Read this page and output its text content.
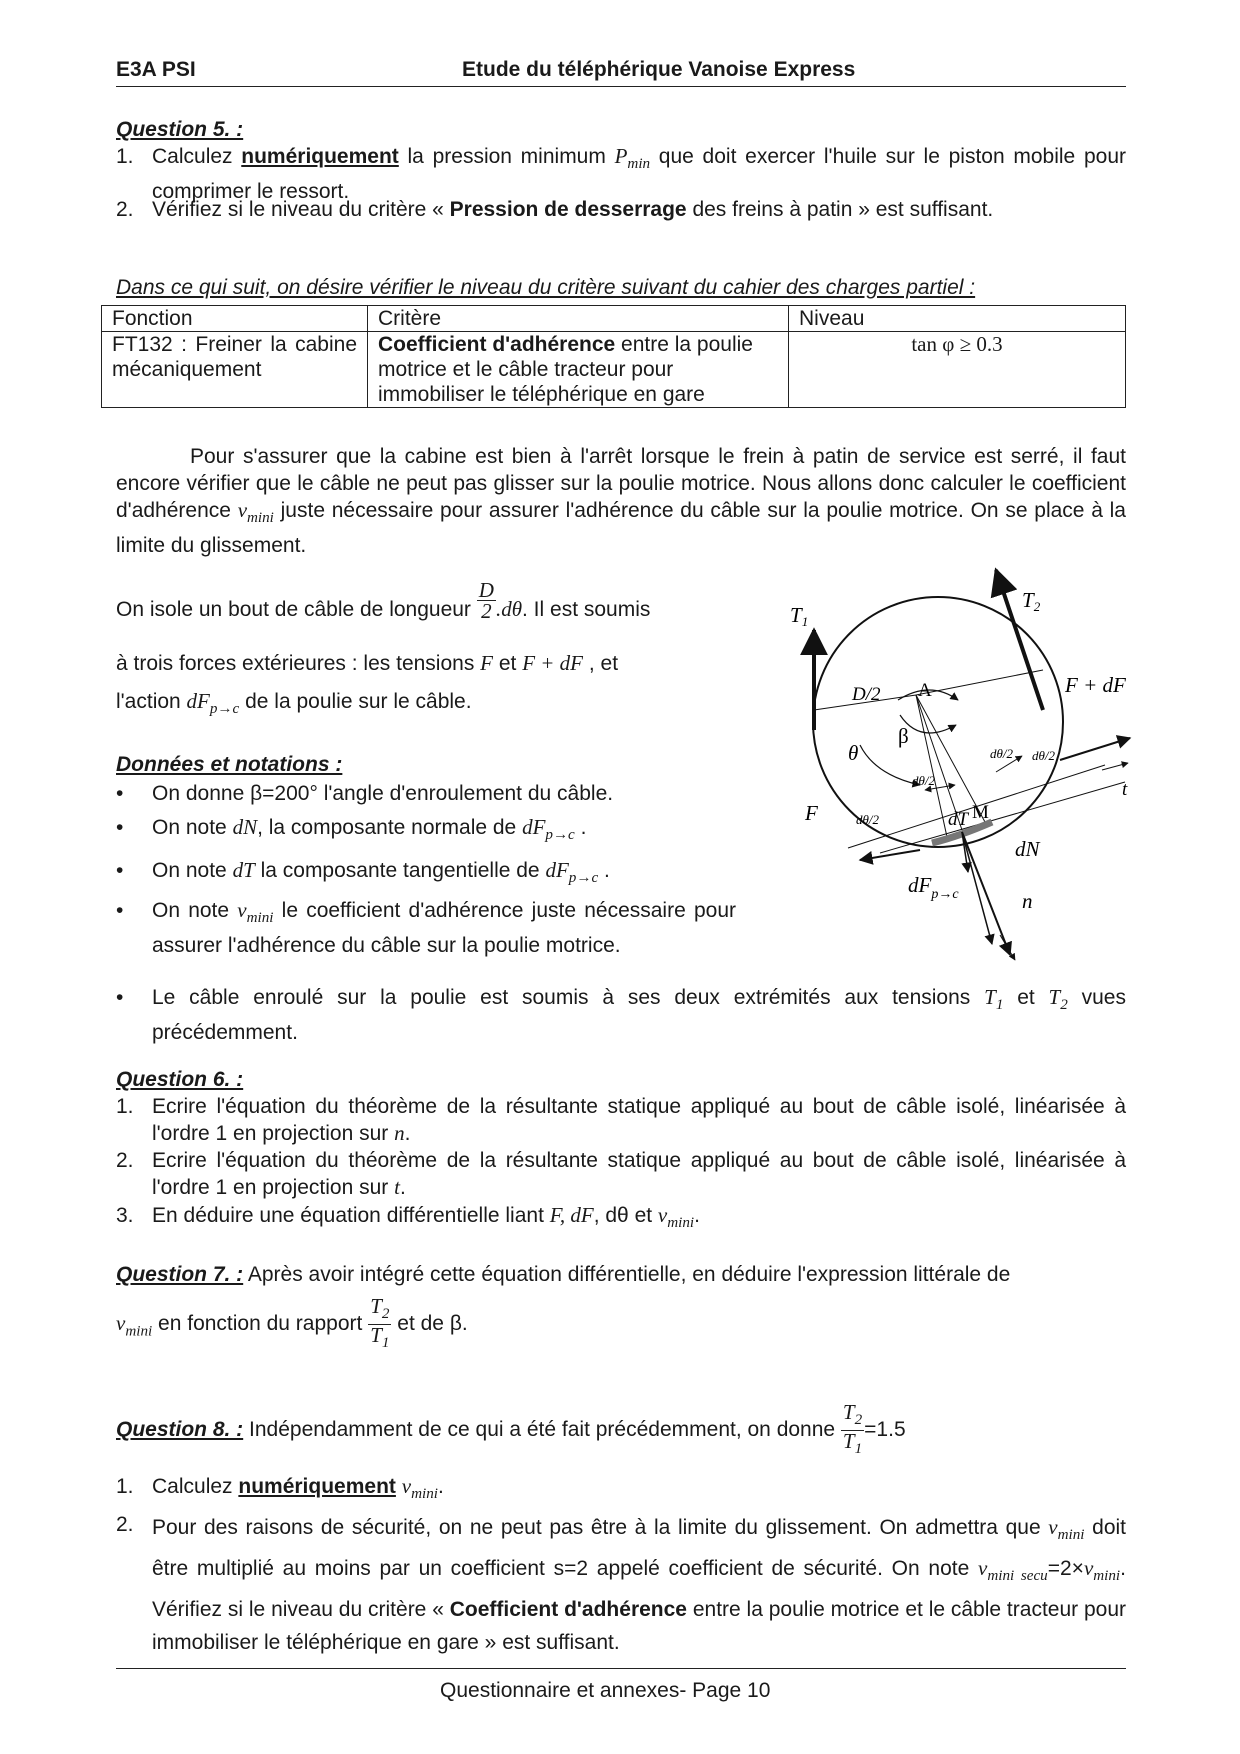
E3A PSI	Etude du téléphérique Vanoise Express
Question 5. :
1. Calculez numériquement la pression minimum $P_{min}$ que doit exercer l'huile sur le piston mobile pour comprimer le ressort.
2. Vérifiez si le niveau du critère « Pression de desserrage des freins à patin » est suffisant.
Dans ce qui suit, on désire vérifier le niveau du critère suivant du cahier des charges partiel :
Fonction	Critère	Niveau
FT132 : Freiner la cabine mécaniquement	Coefficient d'adhérence entre la poulie motrice et le câble tracteur pour immobiliser le téléphérique en gare	tan φ ≥ 0.3
Pour s'assurer que la cabine est bien à l'arrêt lorsque le frein à patin de service est serré, il faut encore vérifier que le câble ne peut pas glisser sur la poulie motrice. Nous allons donc calculer le coefficient d'adhérence $\nu_{mini}$ juste nécessaire pour assurer l'adhérence du câble sur la poulie motrice. On se place à la limite du glissement.
On isole un bout de câble de longueur $\frac{D}{2} .d\theta$. Il est soumis
à trois forces extérieures : les tensions F et F + dF , et
l'action $dF_{p\to c}$ de la poulie sur le câble.
Données et notations :
• On donne β=200° l'angle d'enroulement du câble.
• On note dN, la composante normale de $dF_{p\to c}$ .
• On note dT la composante tangentielle de $dF_{p\to c}$ .
• On note $\nu_{mini}$ le coefficient d'adhérence juste nécessaire pour assurer l'adhérence du câble sur la poulie motrice.
• Le câble enroulé sur la poulie est soumis à ses deux extrémités aux tensions $T_1$ et $T_2$ vues précédemment.
T1
T2
D/2 A
β
θ
F + dF
F
dθ/2 dθ/2
dθ/2
dθ/2
t
M
dT
dN
$dF_{p\to c}$	n
Question 6. :
1. Ecrire l'équation du théorème de la résultante statique appliqué au bout de câble isolé, linéarisée à l'ordre 1 en projection sur n.
2. Ecrire l'équation du théorème de la résultante statique appliqué au bout de câble isolé, linéarisée à l'ordre 1 en projection sur t.
3. En déduire une équation différentielle liant F, dF, dθ et $\nu_{mini}$.
Question 7. : Après avoir intégré cette équation différentielle, en déduire l'expression littérale de
$\nu_{mini}$ en fonction du rapport $\frac{T_2}{T_1}$ et de β.
Question 8. : Indépendamment de ce qui a été fait précédemment, on donne $\frac{T_2}{T_1} =1.5$
1. Calculez numériquement $\nu_{mini}$.
2. Pour des raisons de sécurité, on ne peut pas être à la limite du glissement. On admettra que $\nu_{mini}$ doit être multiplié au moins par un coefficient s=2 appelé coefficient de sécurité. On note $\nu_{mini secu}=2\times\nu_{mini}$. Vérifiez si le niveau du critère « Coefficient d'adhérence entre la poulie motrice et le câble tracteur pour immobiliser le téléphérique en gare » est suffisant.
Questionnaire et annexes- Page 10
